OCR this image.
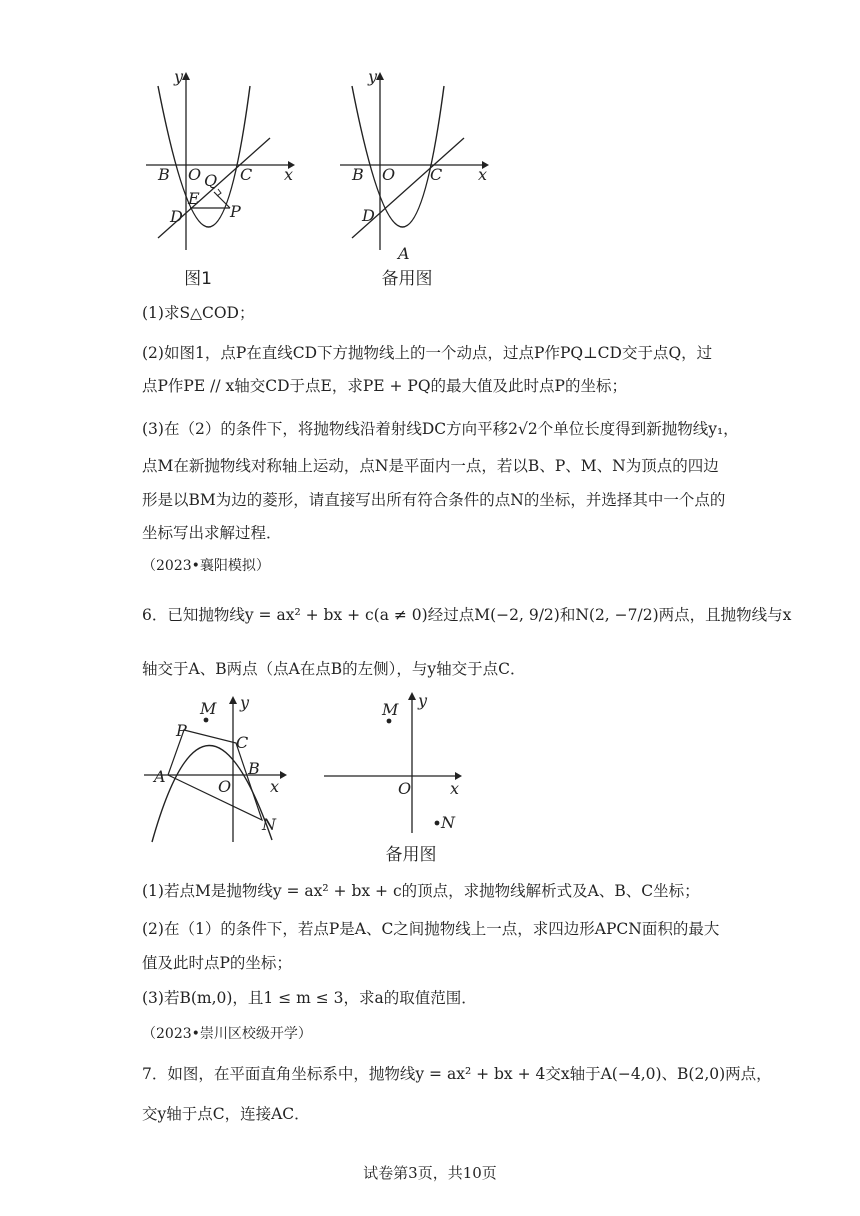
y
x
B O C
Q
E
P
D
图1
y
x
B O C
D
A
备用图
(1)求S△COD；
(2)如图1，点P在直线CD下方抛物线上的一个动点，过点P作PQ⊥CD交于点Q，过
点P作PE // x轴交CD于点E，求PE + PQ的最大值及此时点P的坐标；
(3)在（2）的条件下，将抛物线沿着射线DC方向平移2√2个单位长度得到新抛物线y₁，
点M在新抛物线对称轴上运动，点N是平面内一点，若以B、P、M、N为顶点的四边
形是以BM为边的菱形，请直接写出所有符合条件的点N的坐标，并选择其中一个点的
坐标写出求解过程．
（2023•襄阳模拟）
6．已知抛物线y = ax² + bx + c(a ≠ 0)经过点M(−2, 9/2)和N(2, −7/2)两点，且抛物线与x
轴交于A、B两点（点A在点B的左侧），与y轴交于点C．
M y
P
C
A	B
O x
N
M y
O x
N
备用图
(1)若点M是抛物线y = ax² + bx + c的顶点，求抛物线解析式及A、B、C坐标；
(2)在（1）的条件下，若点P是A、C之间抛物线上一点，求四边形APCN面积的最大
值及此时点P的坐标；
(3)若B(m,0)，且1 ≤ m ≤ 3，求a的取值范围．
（2023•崇川区校级开学）
7．如图，在平面直角坐标系中，抛物线y = ax² + bx + 4交x轴于A(−4,0)、B(2,0)两点，
交y轴于点C，连接AC．
试卷第3页，共10页
